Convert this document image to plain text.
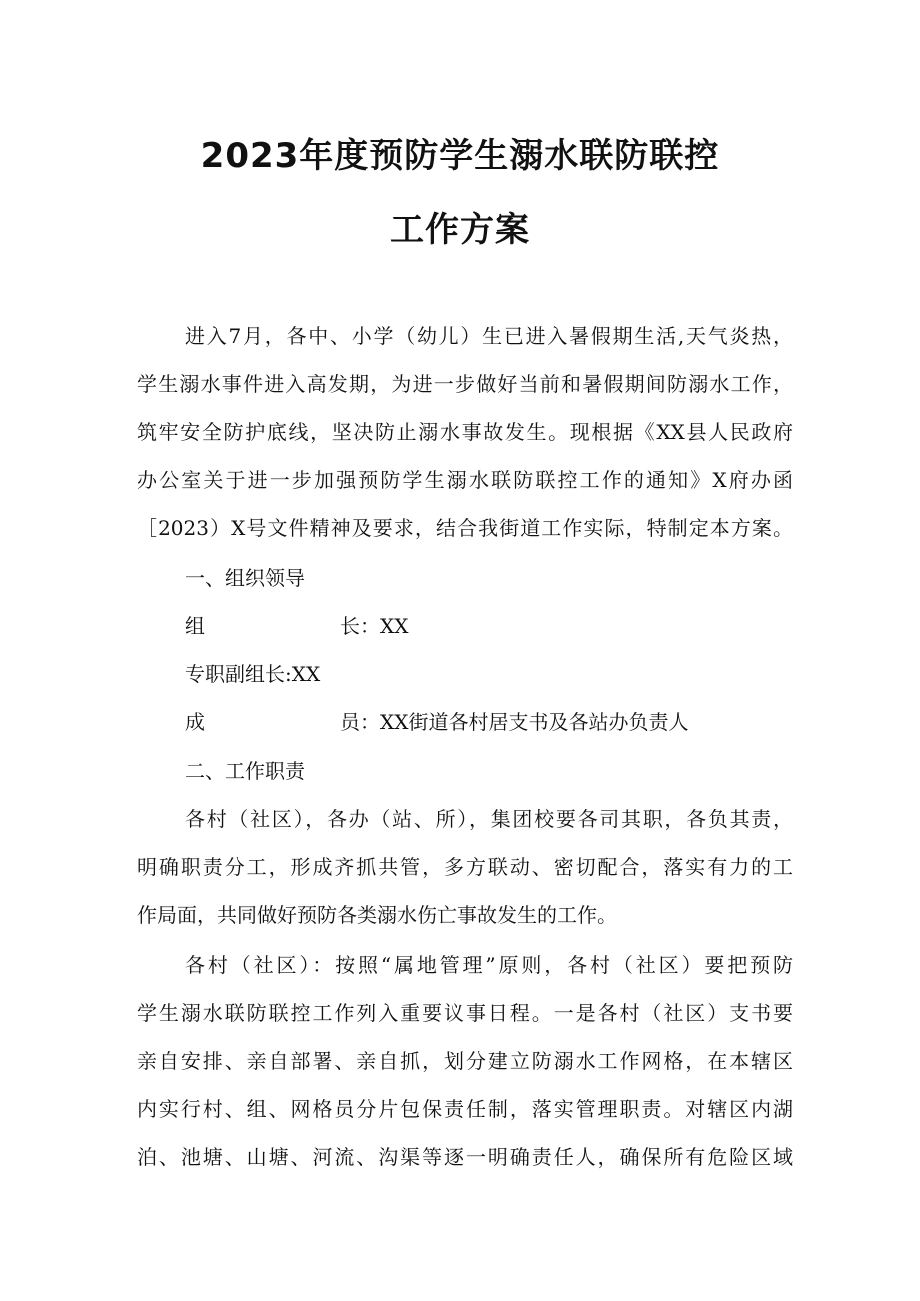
2023年度预防学生溺水联防联控
工作方案
进入7月，各中、小学（幼儿）生已进入暑假期生活,天气炎热，
学生溺水事件进入高发期，为进一步做好当前和暑假期间防溺水工作，
筑牢安全防护底线，坚决防止溺水事故发生。现根据《XX县人民政府
办公室关于进一步加强预防学生溺水联防联控工作的通知》X府办函
［2023）X号文件精神及要求，结合我街道工作实际，特制定本方案。
一、组织领导
组	长：XX
专职副组长:XX
成	员：XX街道各村居支书及各站办负责人
二、工作职责
各村（社区），各办（站、所），集团校要各司其职，各负其责，
明确职责分工，形成齐抓共管，多方联动、密切配合，落实有力的工
作局面，共同做好预防各类溺水伤亡事故发生的工作。
各村（社区）：按照“属地管理”原则，各村（社区）要把预防
学生溺水联防联控工作列入重要议事日程。一是各村（社区）支书要
亲自安排、亲自部署、亲自抓，划分建立防溺水工作网格，在本辖区
内实行村、组、网格员分片包保责任制，落实管理职责。对辖区内湖
泊、池塘、山塘、河流、沟渠等逐一明确责任人，确保所有危险区域
